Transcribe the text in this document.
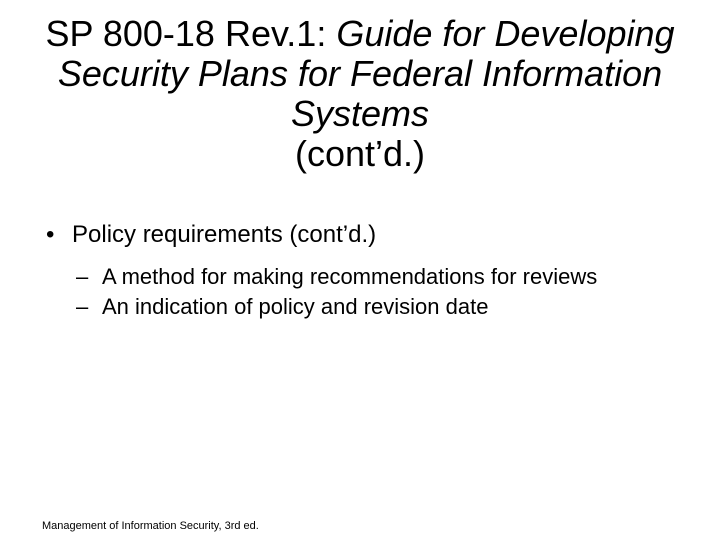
SP 800-18 Rev.1: Guide for Developing Security Plans for Federal Information Systems
(cont’d.)
• Policy requirements (cont’d.)
– A method for making recommendations for reviews
– An indication of policy and revision date
Management of Information Security, 3rd ed.
